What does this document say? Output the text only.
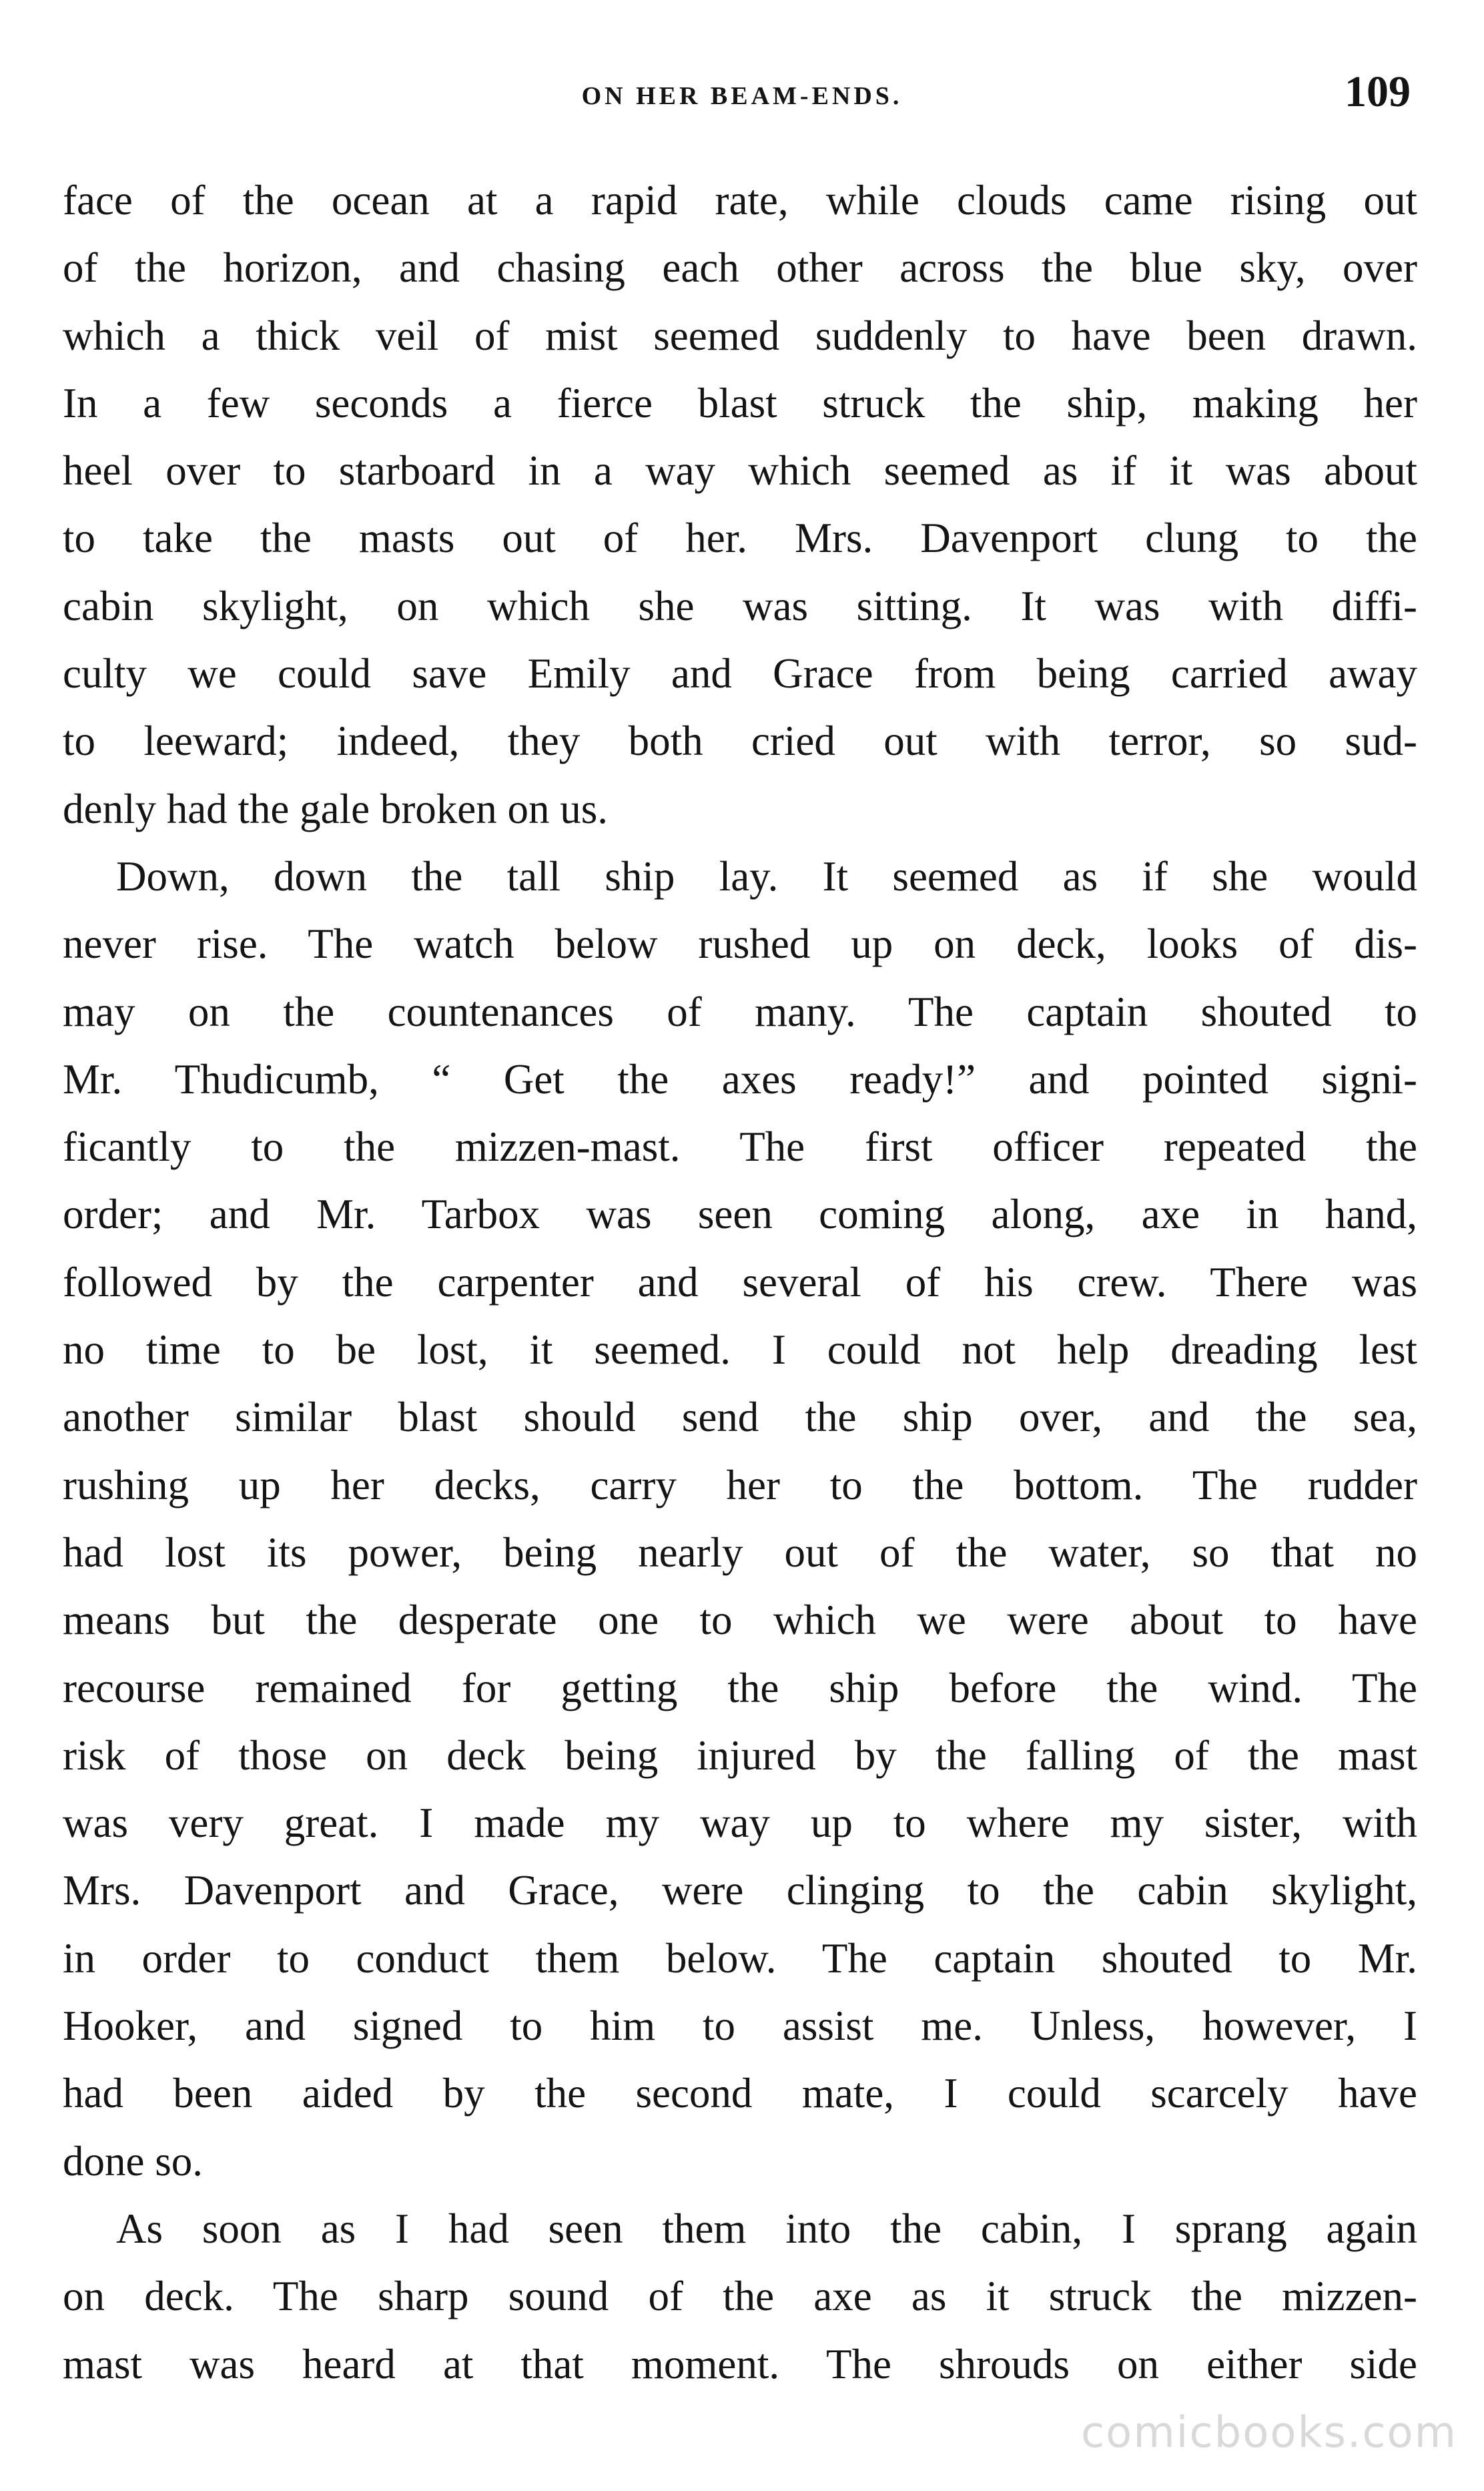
ON HER BEAM-ENDS.	109
face of the ocean at a rapid rate, while clouds came rising out
of the horizon, and chasing each other across the blue sky, over
which a thick veil of mist seemed suddenly to have been drawn.
In a few seconds a fierce blast struck the ship, making her
heel over to starboard in a way which seemed as if it was about
to take the masts out of her. Mrs. Davenport clung to the
cabin skylight, on which she was sitting. It was with diffi-
culty we could save Emily and Grace from being carried away
to leeward; indeed, they both cried out with terror, so sud-
denly had the gale broken on us.
Down, down the tall ship lay. It seemed as if she would
never rise. The watch below rushed up on deck, looks of dis-
may on the countenances of many. The captain shouted to
Mr. Thudicumb, “ Get the axes ready!” and pointed signi-
ficantly to the mizzen-mast. The first officer repeated the
order; and Mr. Tarbox was seen coming along, axe in hand,
followed by the carpenter and several of his crew. There was
no time to be lost, it seemed. I could not help dreading lest
another similar blast should send the ship over, and the sea,
rushing up her decks, carry her to the bottom. The rudder
had lost its power, being nearly out of the water, so that no
means but the desperate one to which we were about to have
recourse remained for getting the ship before the wind. The
risk of those on deck being injured by the falling of the mast
was very great. I made my way up to where my sister, with
Mrs. Davenport and Grace, were clinging to the cabin skylight,
in order to conduct them below. The captain shouted to Mr.
Hooker, and signed to him to assist me. Unless, however, I
had been aided by the second mate, I could scarcely have
done so.
As soon as I had seen them into the cabin, I sprang again
on deck. The sharp sound of the axe as it struck the mizzen-
mast was heard at that moment. The shrouds on either side
comicbooks.com
